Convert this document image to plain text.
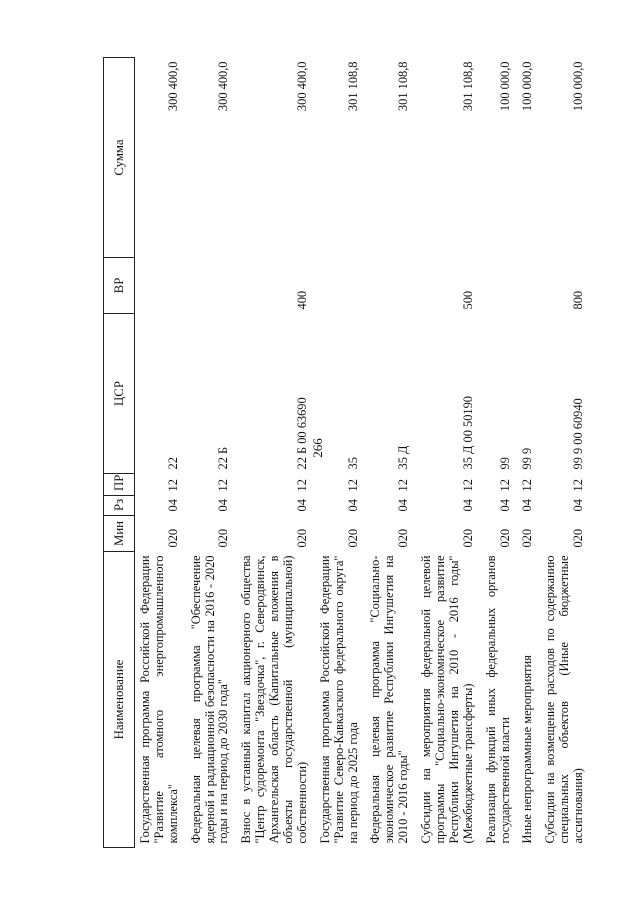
266
Наименование	Мин	Рз	ПР	ЦСР	ВР	Сумма
Государственная программа Российской Федерации "Развитие атомного энергопромышленного комплекса"	020	04	12	22		300 400,0
Федеральная целевая программа "Обеспечение ядерной и радиационной безопасности на 2016 - 2020 годы и на период до 2030 года"	020	04	12	22 Б		300 400,0
Взнос в уставный капитал акционерного общества "Центр судоремонта "Звездочка", г. Северодвинск, Архангельская область (Капитальные вложения в объекты государственной (муниципальной) собственности)	020	04	12	22 Б 00 63690	400	300 400,0
Государственная программа Российской Федерации "Развитие Северо-Кавказского федерального округа" на период до 2025 года	020	04	12	35		301 108,8
Федеральная целевая программа "Социально-экономическое развитие Республики Ингушетия на 2010 - 2016 годы"	020	04	12	35 Д		301 108,8
Субсидии на мероприятия федеральной целевой программы "Социально-экономическое развитие Республики Ингушетия на 2010 - 2016 годы" (Межбюджетные трансферты)	020	04	12	35 Д 00 50190	500	301 108,8
Реализация функций иных федеральных органов государственной власти	020	04	12	99		100 000,0
Иные непрограммные мероприятия	020	04	12	99 9		100 000,0
Субсидии на возмещение расходов по содержанию специальных объектов (Иные бюджетные ассигнования)	020	04	12	99 9 00 60940	800	100 000,0
